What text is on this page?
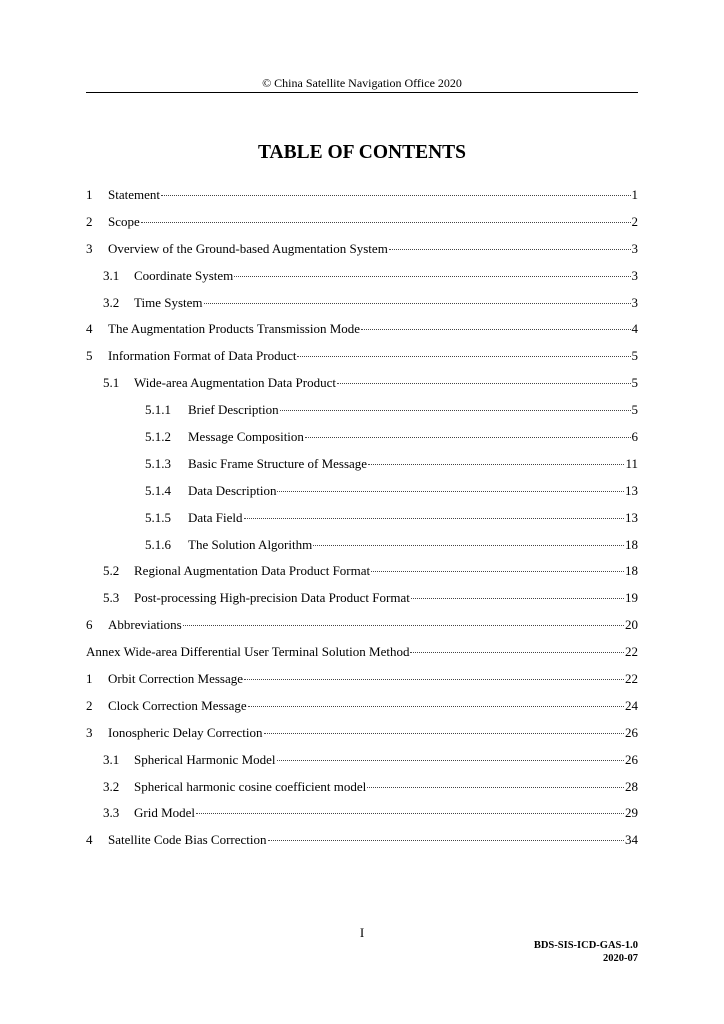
© China Satellite Navigation Office 2020
TABLE OF CONTENTS
1	Statement	1
2	Scope	2
3	Overview of the Ground-based Augmentation System	3
3.1	Coordinate System	3
3.2	Time System	3
4	The Augmentation Products Transmission Mode	4
5	Information Format of Data Product	5
5.1	Wide-area Augmentation Data Product	5
5.1.1	Brief Description	5
5.1.2	Message Composition	6
5.1.3	Basic Frame Structure of Message	11
5.1.4	Data Description	13
5.1.5	Data Field	13
5.1.6	The Solution Algorithm	18
5.2	Regional Augmentation Data Product Format	18
5.3	Post-processing High-precision Data Product Format	19
6	Abbreviations	20
Annex Wide-area Differential User Terminal Solution Method	22
1	Orbit Correction Message	22
2	Clock Correction Message	24
3	Ionospheric Delay Correction	26
3.1	Spherical Harmonic Model	26
3.2	Spherical harmonic cosine coefficient model	28
3.3	Grid Model	29
4	Satellite Code Bias Correction	34
I
BDS-SIS-ICD-GAS-1.0
2020-07
